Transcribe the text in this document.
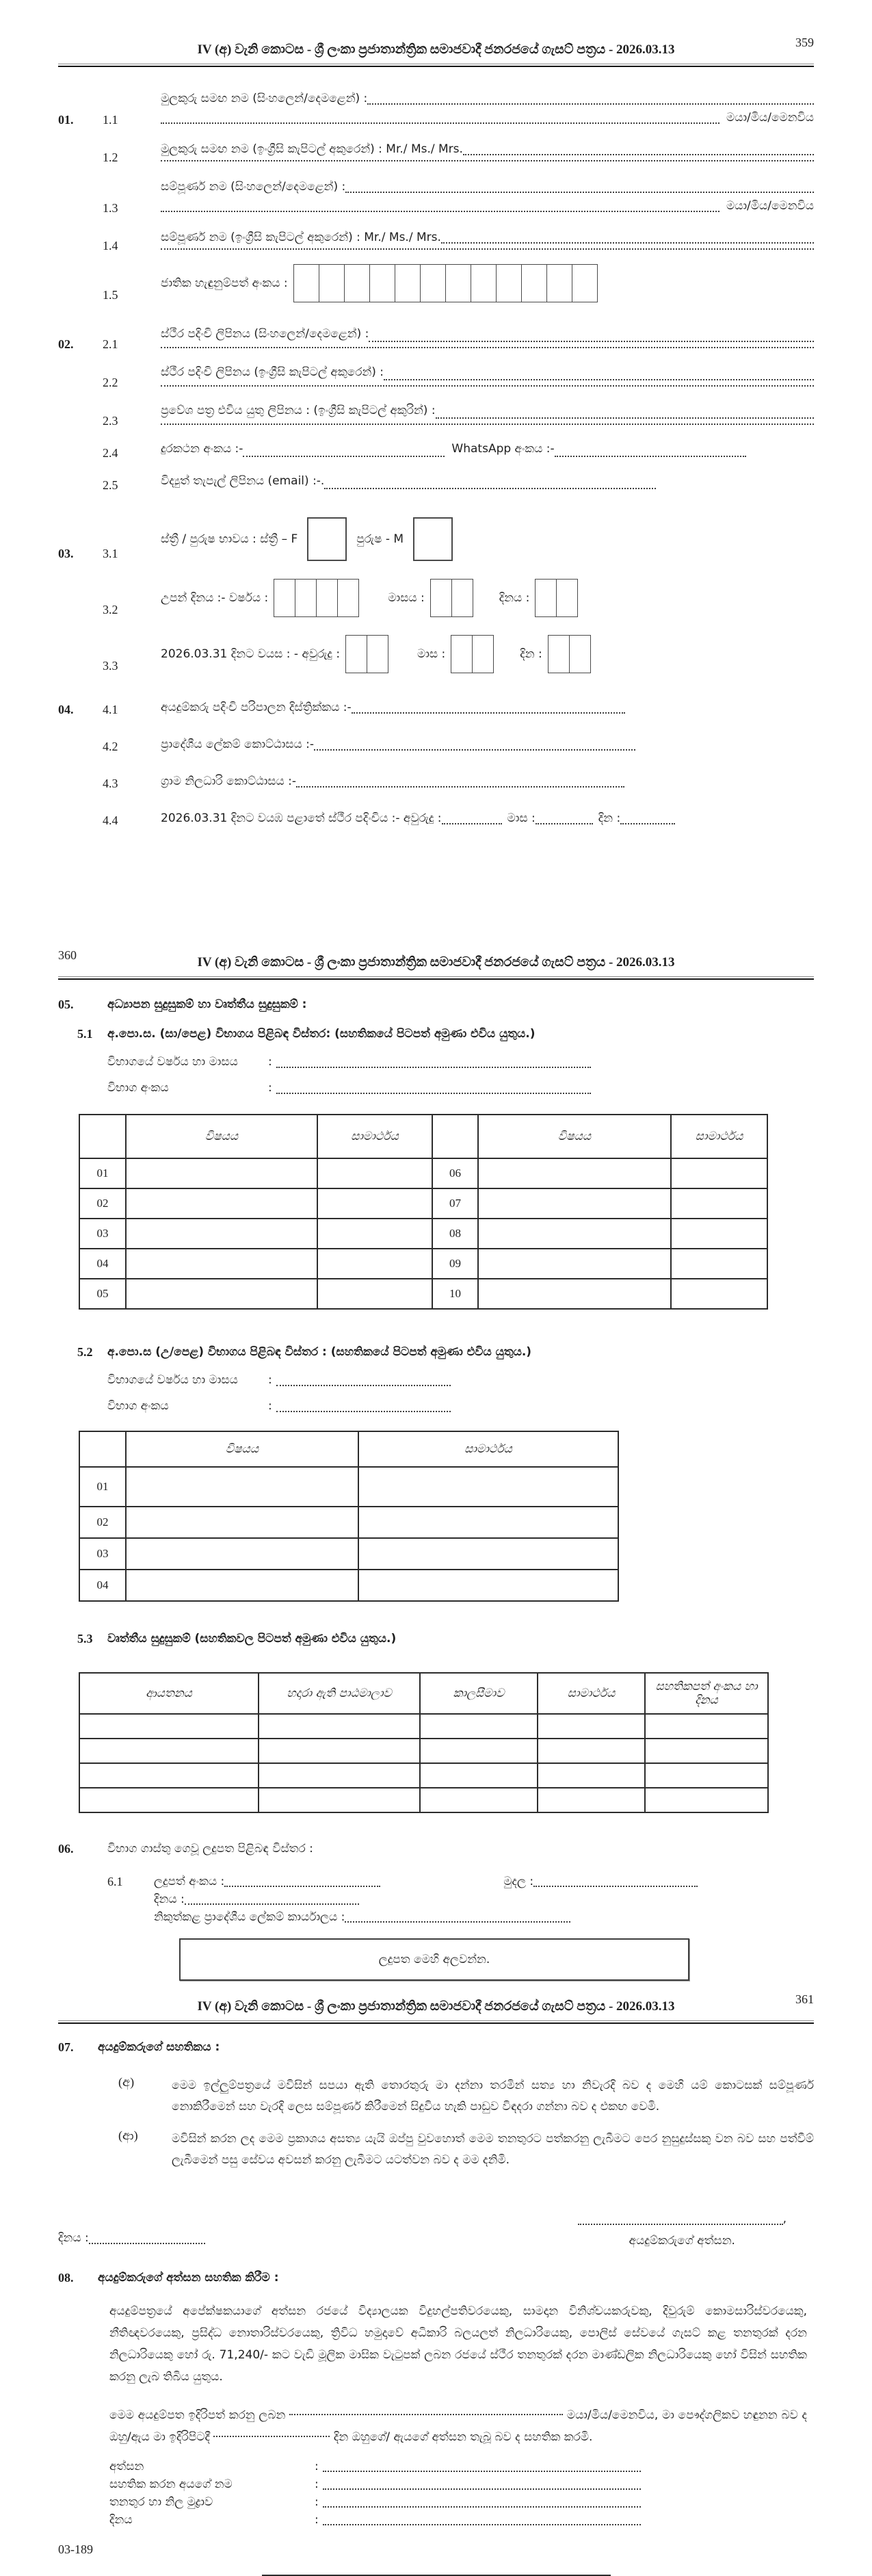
IV (අ) වැනි කොටස - ශ්‍රී ලංකා ප්‍රජාතාන්ත්‍රික සමාජවාදී ජනරජයේ ගැසට් පත්‍රය - 2026.03.13	359
01.	1.1
මුලකුරු සමඟ නම (සිංහලෙන්/දෙමළෙන්) :
මයා/මිය/මෙනවිය
1.2
මුලකුරු සමඟ නම (ඉංග්‍රීසි කැපිටල් අකුරෙන්) : Mr./ Ms./ Mrs.
1.3
සම්පූර්ණ නම (සිංහලෙන්/දෙමළෙන්) :
මයා/මිය/මෙනවිය
1.4
සම්පූර්ණ නම (ඉංග්‍රීසි කැපිටල් අකුරෙන්) : Mr./ Ms./ Mrs.
1.5
ජාතික හැඳුනුම්පත් අංකය :
02.	2.1
ස්ථීර පදිංචි ලිපිනය (සිංහලෙන්/දෙමළෙන්) :
2.2
ස්ථීර පදිංචි ලිපිනය (ඉංග්‍රීසි කැපිටල් අකුරෙන්) :
2.3
ප්‍රවේශ පත්‍ර එවිය යුතු ලිපිනය : (ඉංග්‍රීසි කැපිටල් අකුරින්) :
2.4	දුරකථන අංකය :-	WhatsApp අංකය :-
2.5	විද්‍යුත් තැපැල් ලිපිනය (email) :-.
03.	3.1
ස්ත්‍රී / පුරුෂ භාවය : ස්ත්‍රී – F	පුරුෂ - M
3.2
උපන් දිනය :- වර්ෂය :	මාසය :	දිනය :
3.3
2026.03.31 දිනට වයස : - අවුරුදු :	මාස :	දින :
04.	4.1	අයදුම්කරු පදිංචි පරිපාලන දිස්ත්‍රික්කය :-
4.2	ප්‍රාදේශීය ලේකම් කොට්ඨාසය :-
4.3	ග්‍රාම නිලධාරි කොට්ඨාසය :-
4.4	2026.03.31 දිනට වයඹ පළාතේ ස්ථීර පදිංචිය :- අවුරුදු :	මාස :	දින :
IV (අ) වැනි කොටස - ශ්‍රී ලංකා ප්‍රජාතාන්ත්‍රික සමාජවාදී ජනරජයේ ගැසට් පත්‍රය - 2026.03.13
360
05.	අධ්‍යාපන සුදුසුකම් හා වෘත්තීය සුදුසුකම් :
5.1	අ.පො.ස. (සා/පෙළ) විභාගය පිළිබඳ විස්තර: (සහතිකයේ පිටපත් අමුණා එවිය යුතුය.)
විභාගයේ වර්ෂය හා මාසය	:
විභාග අංකය	:
	විෂයය	සාමාර්ථය		විෂයය	සාමාර්ථය
01			06		
02			07		
03			08		
04			09		
05			10		
5.2	අ.පො.ස (උ/පෙළ) විභාගය පිළිබඳ විස්තර : (සහතිකයේ පිටපත් අමුණා එවිය යුතුය.)
විභාගයේ වර්ෂය හා මාසය	:
විභාග අංකය	:
	විෂයය	සාමාර්ථය
01		
02		
03		
04		
5.3	වෘත්තීය සුදුසුකම් (සහතිකවල පිටපත් අමුණා එවිය යුතුය.)
ආයතනය	හදාරා ඇති පාඨමාලාව	කාලසීමාව	සාමාර්ථය	සහතිකපත් අංකය හා දිනය

06.	විභාග ගාස්තු ගෙවූ ලදුපත පිළිබඳ විස්තර :
6.1	ලදුපත් අංකය :	මුදල :
දිනය :
නිකුත්කළ ප්‍රාදේශීය ලේකම් කාර්යාලය :
ලදුපත මෙහි අලවන්න.
IV (අ) වැනි කොටස - ශ්‍රී ලංකා ප්‍රජාතාන්ත්‍රික සමාජවාදී ජනරජයේ ගැසට් පත්‍රය - 2026.03.13	361
07.	අයදුම්කරුගේ සහතිකය :
(අ)	මෙම ඉල්ලුම්පත්‍රයේ මවිසින් සපයා ඇති තොරතුරු මා දන්නා තරමින් සත්‍ය හා නිවැරදි බව ද මෙහි යම් කොටසක් සම්පූර්ණ නොකිරීමෙන් සහ වැරදි ලෙස සම්පූර්ණ කිරීමෙන් සිදුවිය හැකි පාඩුව විඳදරා ගන්නා බව ද එකඟ වෙමි.

(ආ)	මවිසින් කරන ලද මෙම ප්‍රකාශය අසත්‍ය යැයි ඔප්පු වුවහොත් මෙම තනතුරට පත්කරනු ලැබීමට පෙර නුසුදුස්සකු වන බව සහ පත්වීම් ලැබීමෙන් පසු සේවය අවසන් කරනු ලැබීමට යටත්වන බව ද මම දනිමි.

දිනය :
,
අයදුම්කරුගේ අත්සන.
08.	අයදුම්කරුගේ අත්සන සහතික කිරීම :

අයදුම්පත්‍රයේ අපේක්ෂකයාගේ අත්සන රජයේ විද්‍යාලයක විදුහල්පතිවරයෙකු, සාමදාන විනිශ්චයකරුවකු, දිවුරුම් කොමසාරිස්වරයෙකු, නීතිඥවරයෙකු, ප්‍රසිද්ධ නොතාරිස්වරයෙකු, ත්‍රිවිධ හමුදාවේ අධිකාරි බලයලත් නිලධාරියෙකු, පොලිස් සේවයේ ගැසට් කළ තනතුරක් දරන නිලධාරියෙකු හෝ රු. 71,240/- කට වැඩි මූලික මාසික වැටුපක් ලබන රජයේ ස්ථීර තනතුරක් දරන මාණ්ඩලික නිලධාරියෙකු හෝ විසින් සහතික කරනු ලැබ තිබිය යුතුය.

මෙම අයදුම්පත ඉදිරිපත් කරනු ලබන	මයා/මිය/මෙනවිය, මා පෞද්ගලිකව හඳුනන බව ද ඔහු/ඇය මා ඉදිරිපිටදී	දින ඔහුගේ/ ඇයගේ අත්සන තැබූ බව ද සහතික කරමි.

අත්සන	:
සහතික කරන අයගේ නම	:
තනතුර හා නිල මුද්‍රාව	:
දිනය	:
03-189
